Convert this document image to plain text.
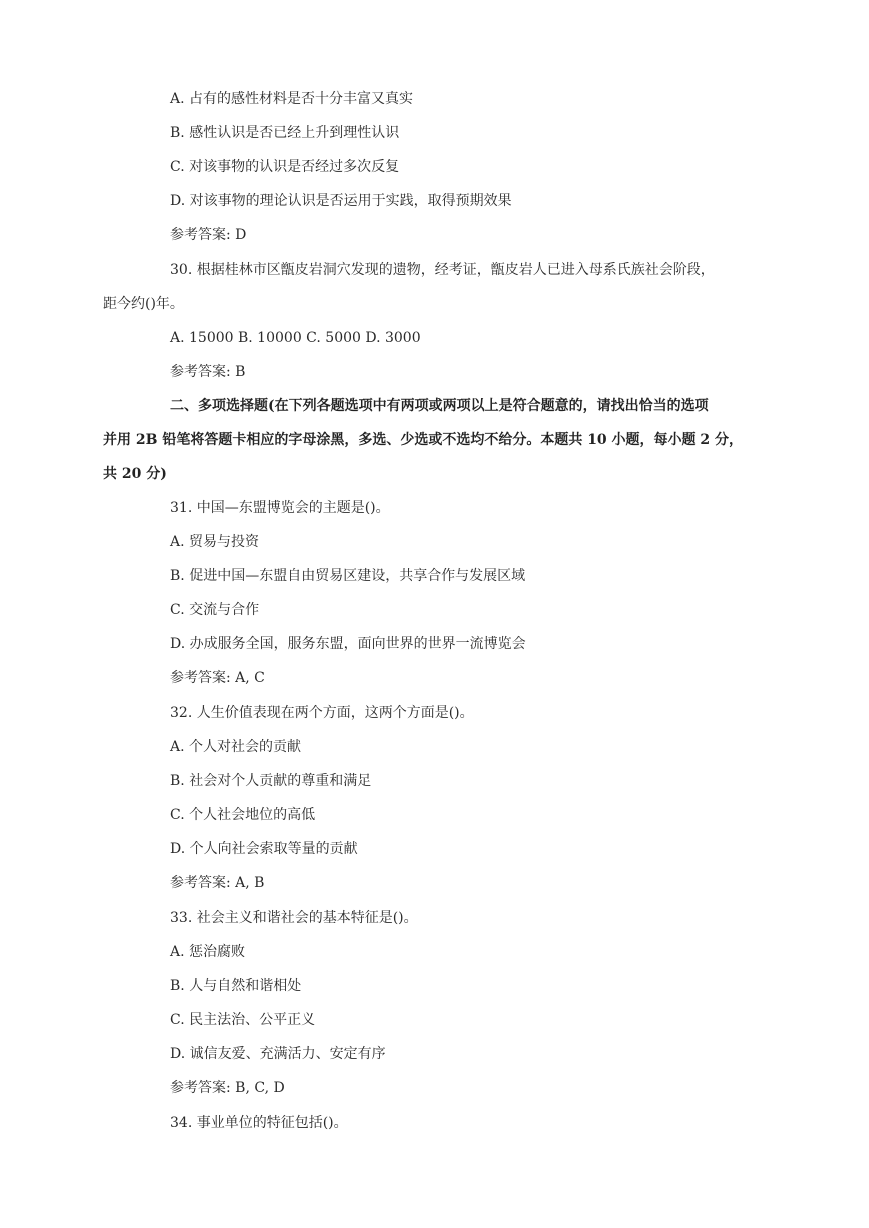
A. 占有的感性材料是否十分丰富又真实
B. 感性认识是否已经上升到理性认识
C. 对该事物的认识是否经过多次反复
D. 对该事物的理论认识是否运用于实践，取得预期效果
参考答案: D
30. 根据桂林市区甑皮岩洞穴发现的遗物，经考证，甑皮岩人已进入母系氏族社会阶段，
距今约()年。
A. 15000 B. 10000 C. 5000 D. 3000
参考答案: B
二、多项选择题(在下列各题选项中有两项或两项以上是符合题意的，请找出恰当的选项
并用 2B 铅笔将答题卡相应的字母涂黑，多选、少选或不选均不给分。本题共 10 小题，每小题 2 分，
共 20 分)
31. 中国—东盟博览会的主题是()。
A. 贸易与投资
B. 促进中国—东盟自由贸易区建设，共享合作与发展区域
C. 交流与合作
D. 办成服务全国，服务东盟，面向世界的世界一流博览会
参考答案: A, C
32. 人生价值表现在两个方面，这两个方面是()。
A. 个人对社会的贡献
B. 社会对个人贡献的尊重和满足
C. 个人社会地位的高低
D. 个人向社会索取等量的贡献
参考答案: A, B
33. 社会主义和谐社会的基本特征是()。
A. 惩治腐败
B. 人与自然和谐相处
C. 民主法治、公平正义
D. 诚信友爱、充满活力、安定有序
参考答案: B, C, D
34. 事业单位的特征包括()。
